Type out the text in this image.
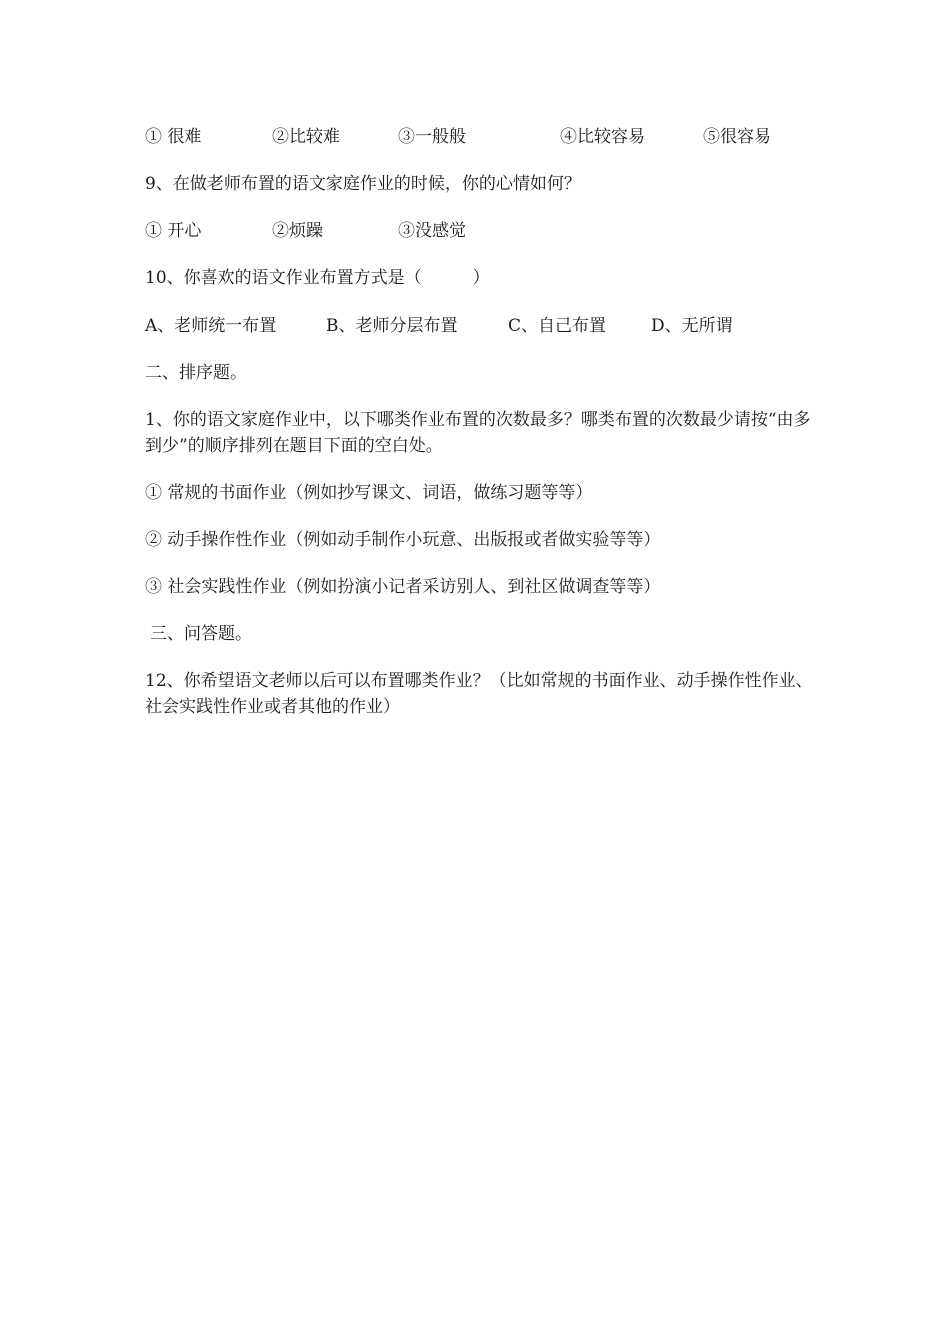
① 很难	②比较难	③一般般	④比较容易	⑤很容易
9、在做老师布置的语文家庭作业的时候，你的心情如何？
① 开心	②烦躁	③没感觉
10、你喜欢的语文作业布置方式是（　　　）
A、老师统一布置	B、老师分层布置	C、自己布置	D、无所谓
二、排序题。
1、你的语文家庭作业中，以下哪类作业布置的次数最多？哪类布置的次数最少请按“由多到少”的顺序排列在题目下面的空白处。
① 常规的书面作业（例如抄写课文、词语，做练习题等等）
② 动手操作性作业（例如动手制作小玩意、出版报或者做实验等等）
③ 社会实践性作业（例如扮演小记者采访别人、到社区做调查等等）
三、问答题。
12、你希望语文老师以后可以布置哪类作业？（比如常规的书面作业、动手操作性作业、社会实践性作业或者其他的作业）
